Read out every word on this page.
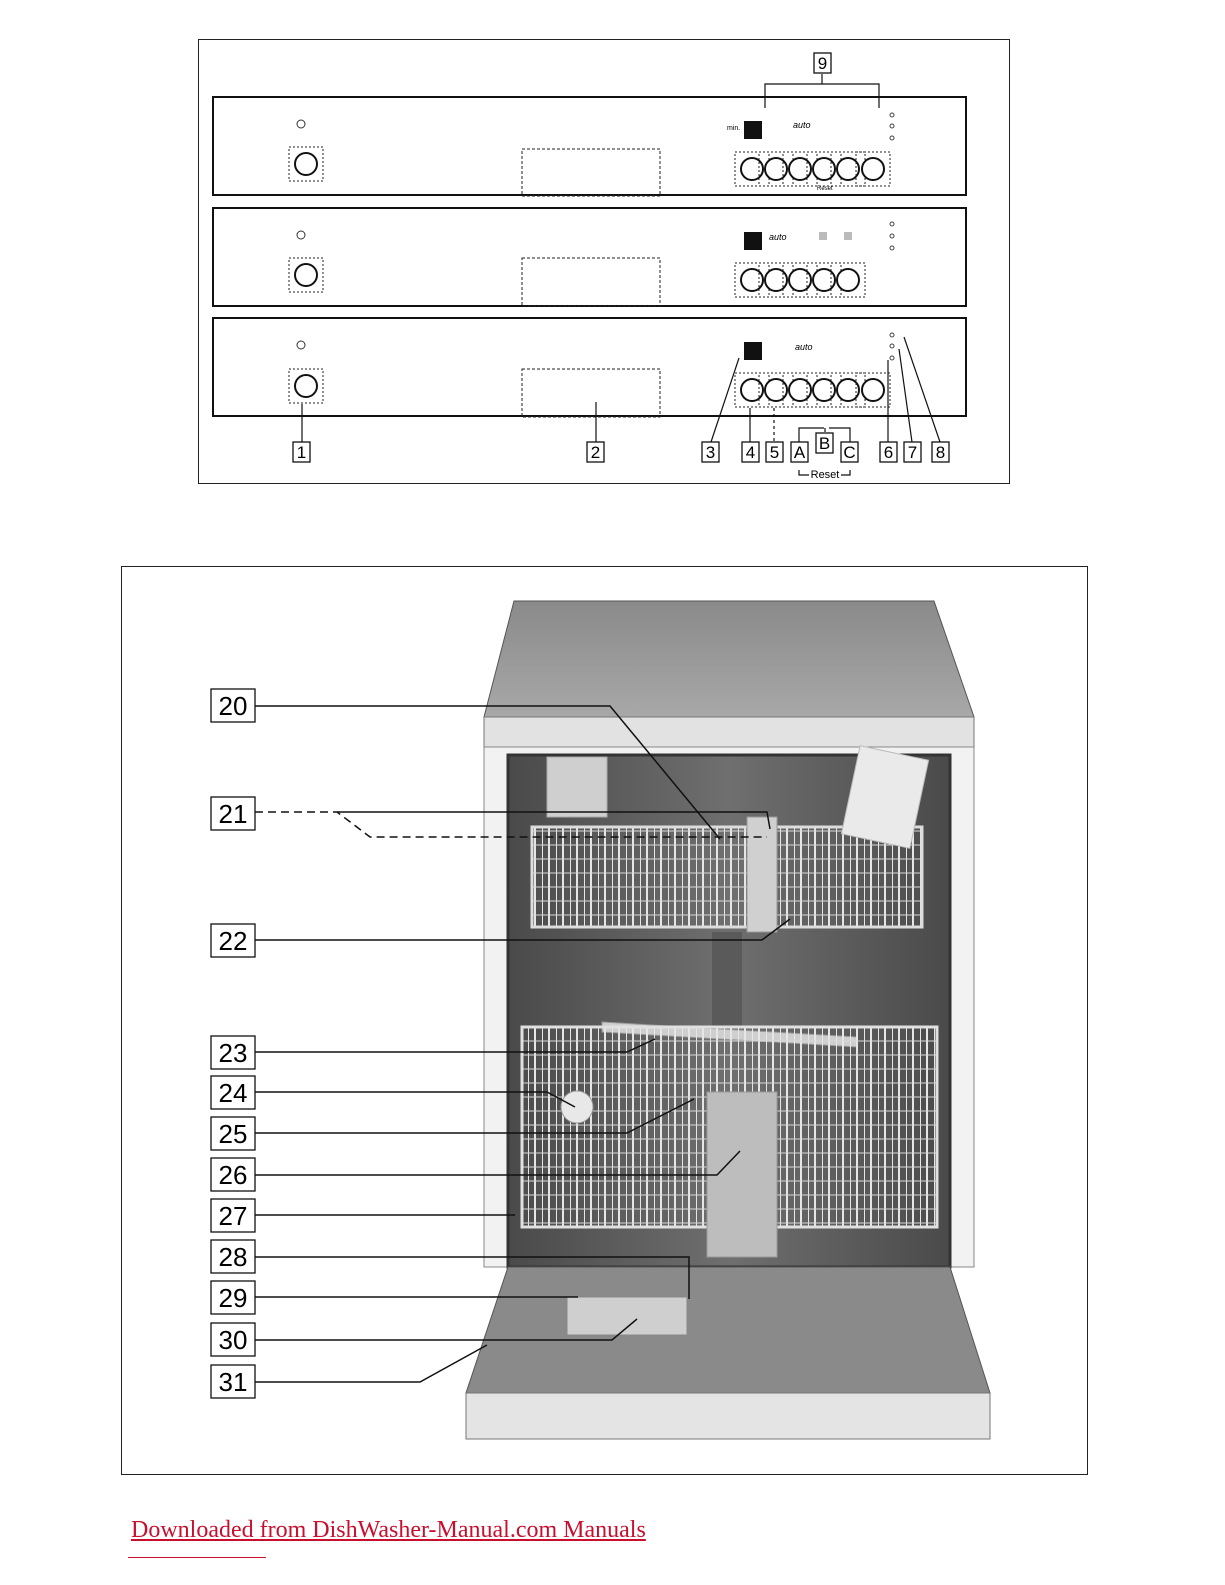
min.	auto
Reset
auto
auto
1	2	3 4 5 A B C 6 7 8
9
Reset
20
21
22
23
24
25
26
27
28
29
30
31
Downloaded from DishWasher-Manual.com Manuals
